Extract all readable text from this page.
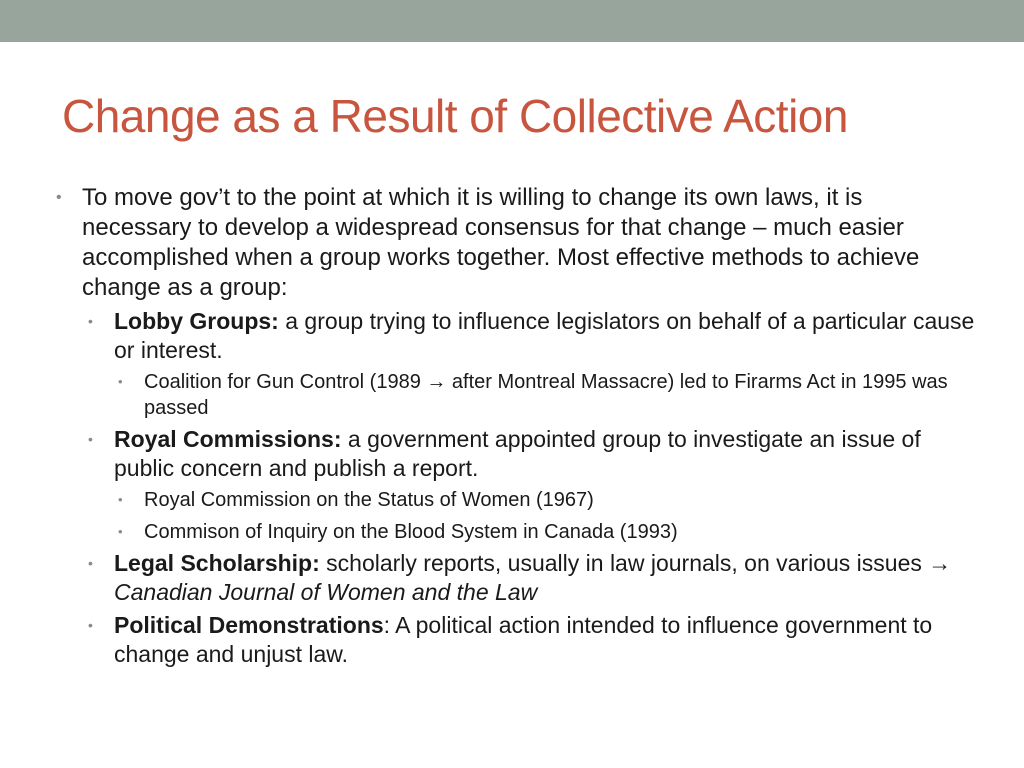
Change as a Result of Collective Action
• To move gov’t to the point at which it is willing to change its own laws, it is necessary to develop a widespread consensus for that change – much easier accomplished when a group works together. Most effective methods to achieve change as a group:
• Lobby Groups: a group trying to influence legislators on behalf of a particular cause or interest.
•	Coalition for Gun Control (1989 → after Montreal Massacre) led to Firarms Act in 1995 was passed
• Royal Commissions: a government appointed group to investigate an issue of public concern and publish a report.
•	Royal Commission on the Status of Women (1967)
•	Commison of Inquiry on the Blood System in Canada (1993)
• Legal Scholarship: scholarly reports, usually in law journals, on various issues → Canadian Journal of Women and the Law
• Political Demonstrations: A political action intended to influence government to change and unjust law.
